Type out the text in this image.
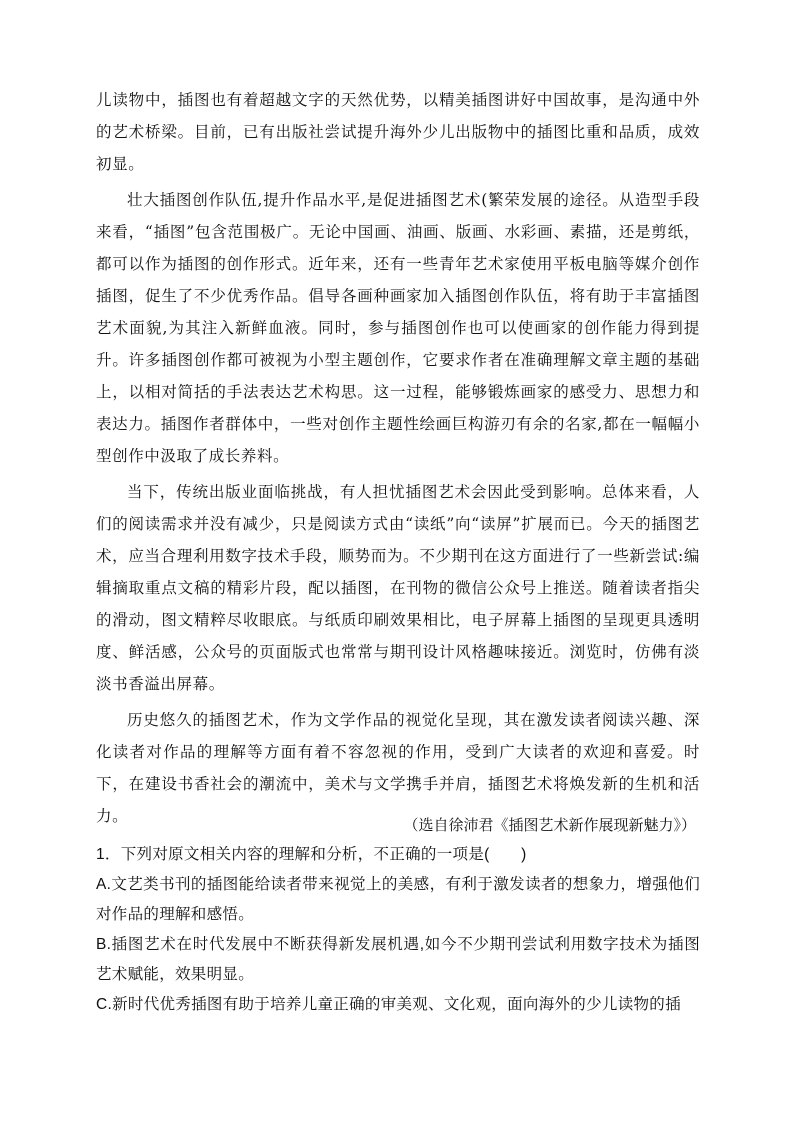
儿读物中，插图也有着超越文字的天然优势，以精美插图讲好中国故事，是沟通中外的艺术桥梁。目前，已有出版社尝试提升海外少儿出版物中的插图比重和品质，成效初显。

壮大插图创作队伍,提升作品水平,是促进插图艺术(繁荣发展的途径。从造型手段来看，“插图”包含范围极广。无论中国画、油画、版画、水彩画、素描，还是剪纸，都可以作为插图的创作形式。近年来，还有一些青年艺术家使用平板电脑等媒介创作插图，促生了不少优秀作品。倡导各画种画家加入插图创作队伍，将有助于丰富插图艺术面貌,为其注入新鲜血液。同时，参与插图创作也可以使画家的创作能力得到提升。许多插图创作都可被视为小型主题创作，它要求作者在准确理解文章主题的基础上，以相对简括的手法表达艺术构思。这一过程，能够锻炼画家的感受力、思想力和表达力。插图作者群体中，一些对创作主题性绘画巨构游刃有余的名家,都在一幅幅小型创作中汲取了成长养料。

当下，传统出版业面临挑战，有人担忧插图艺术会因此受到影响。总体来看，人们的阅读需求并没有减少，只是阅读方式由“读纸”向“读屏”扩展而已。今天的插图艺术，应当合理利用数字技术手段，顺势而为。不少期刊在这方面进行了一些新尝试:编辑摘取重点文稿的精彩片段，配以插图，在刊物的微信公众号上推送。随着读者指尖的滑动，图文精粹尽收眼底。与纸质印刷效果相比，电子屏幕上插图的呈现更具透明度、鲜活感，公众号的页面版式也常常与期刊设计风格趣味接近。浏览时，仿佛有淡淡书香溢出屏幕。

历史悠久的插图艺术，作为文学作品的视觉化呈现，其在激发读者阅读兴趣、深化读者对作品的理解等方面有着不容忽视的作用，受到广大读者的欢迎和喜爱。时下，在建设书香社会的潮流中，美术与文学携手并肩，插图艺术将焕发新的生机和活力。	（选自徐沛君《插图艺术新作展现新魅力》）

1．下列对原文相关内容的理解和分析，不正确的一项是(　　)

A.文艺类书刊的插图能给读者带来视觉上的美感，有利于激发读者的想象力，增强他们对作品的理解和感悟。

B.插图艺术在时代发展中不断获得新发展机遇,如今不少期刊尝试利用数字技术为插图艺术赋能，效果明显。

C.新时代优秀插图有助于培养儿童正确的审美观、文化观，面向海外的少儿读物的插
